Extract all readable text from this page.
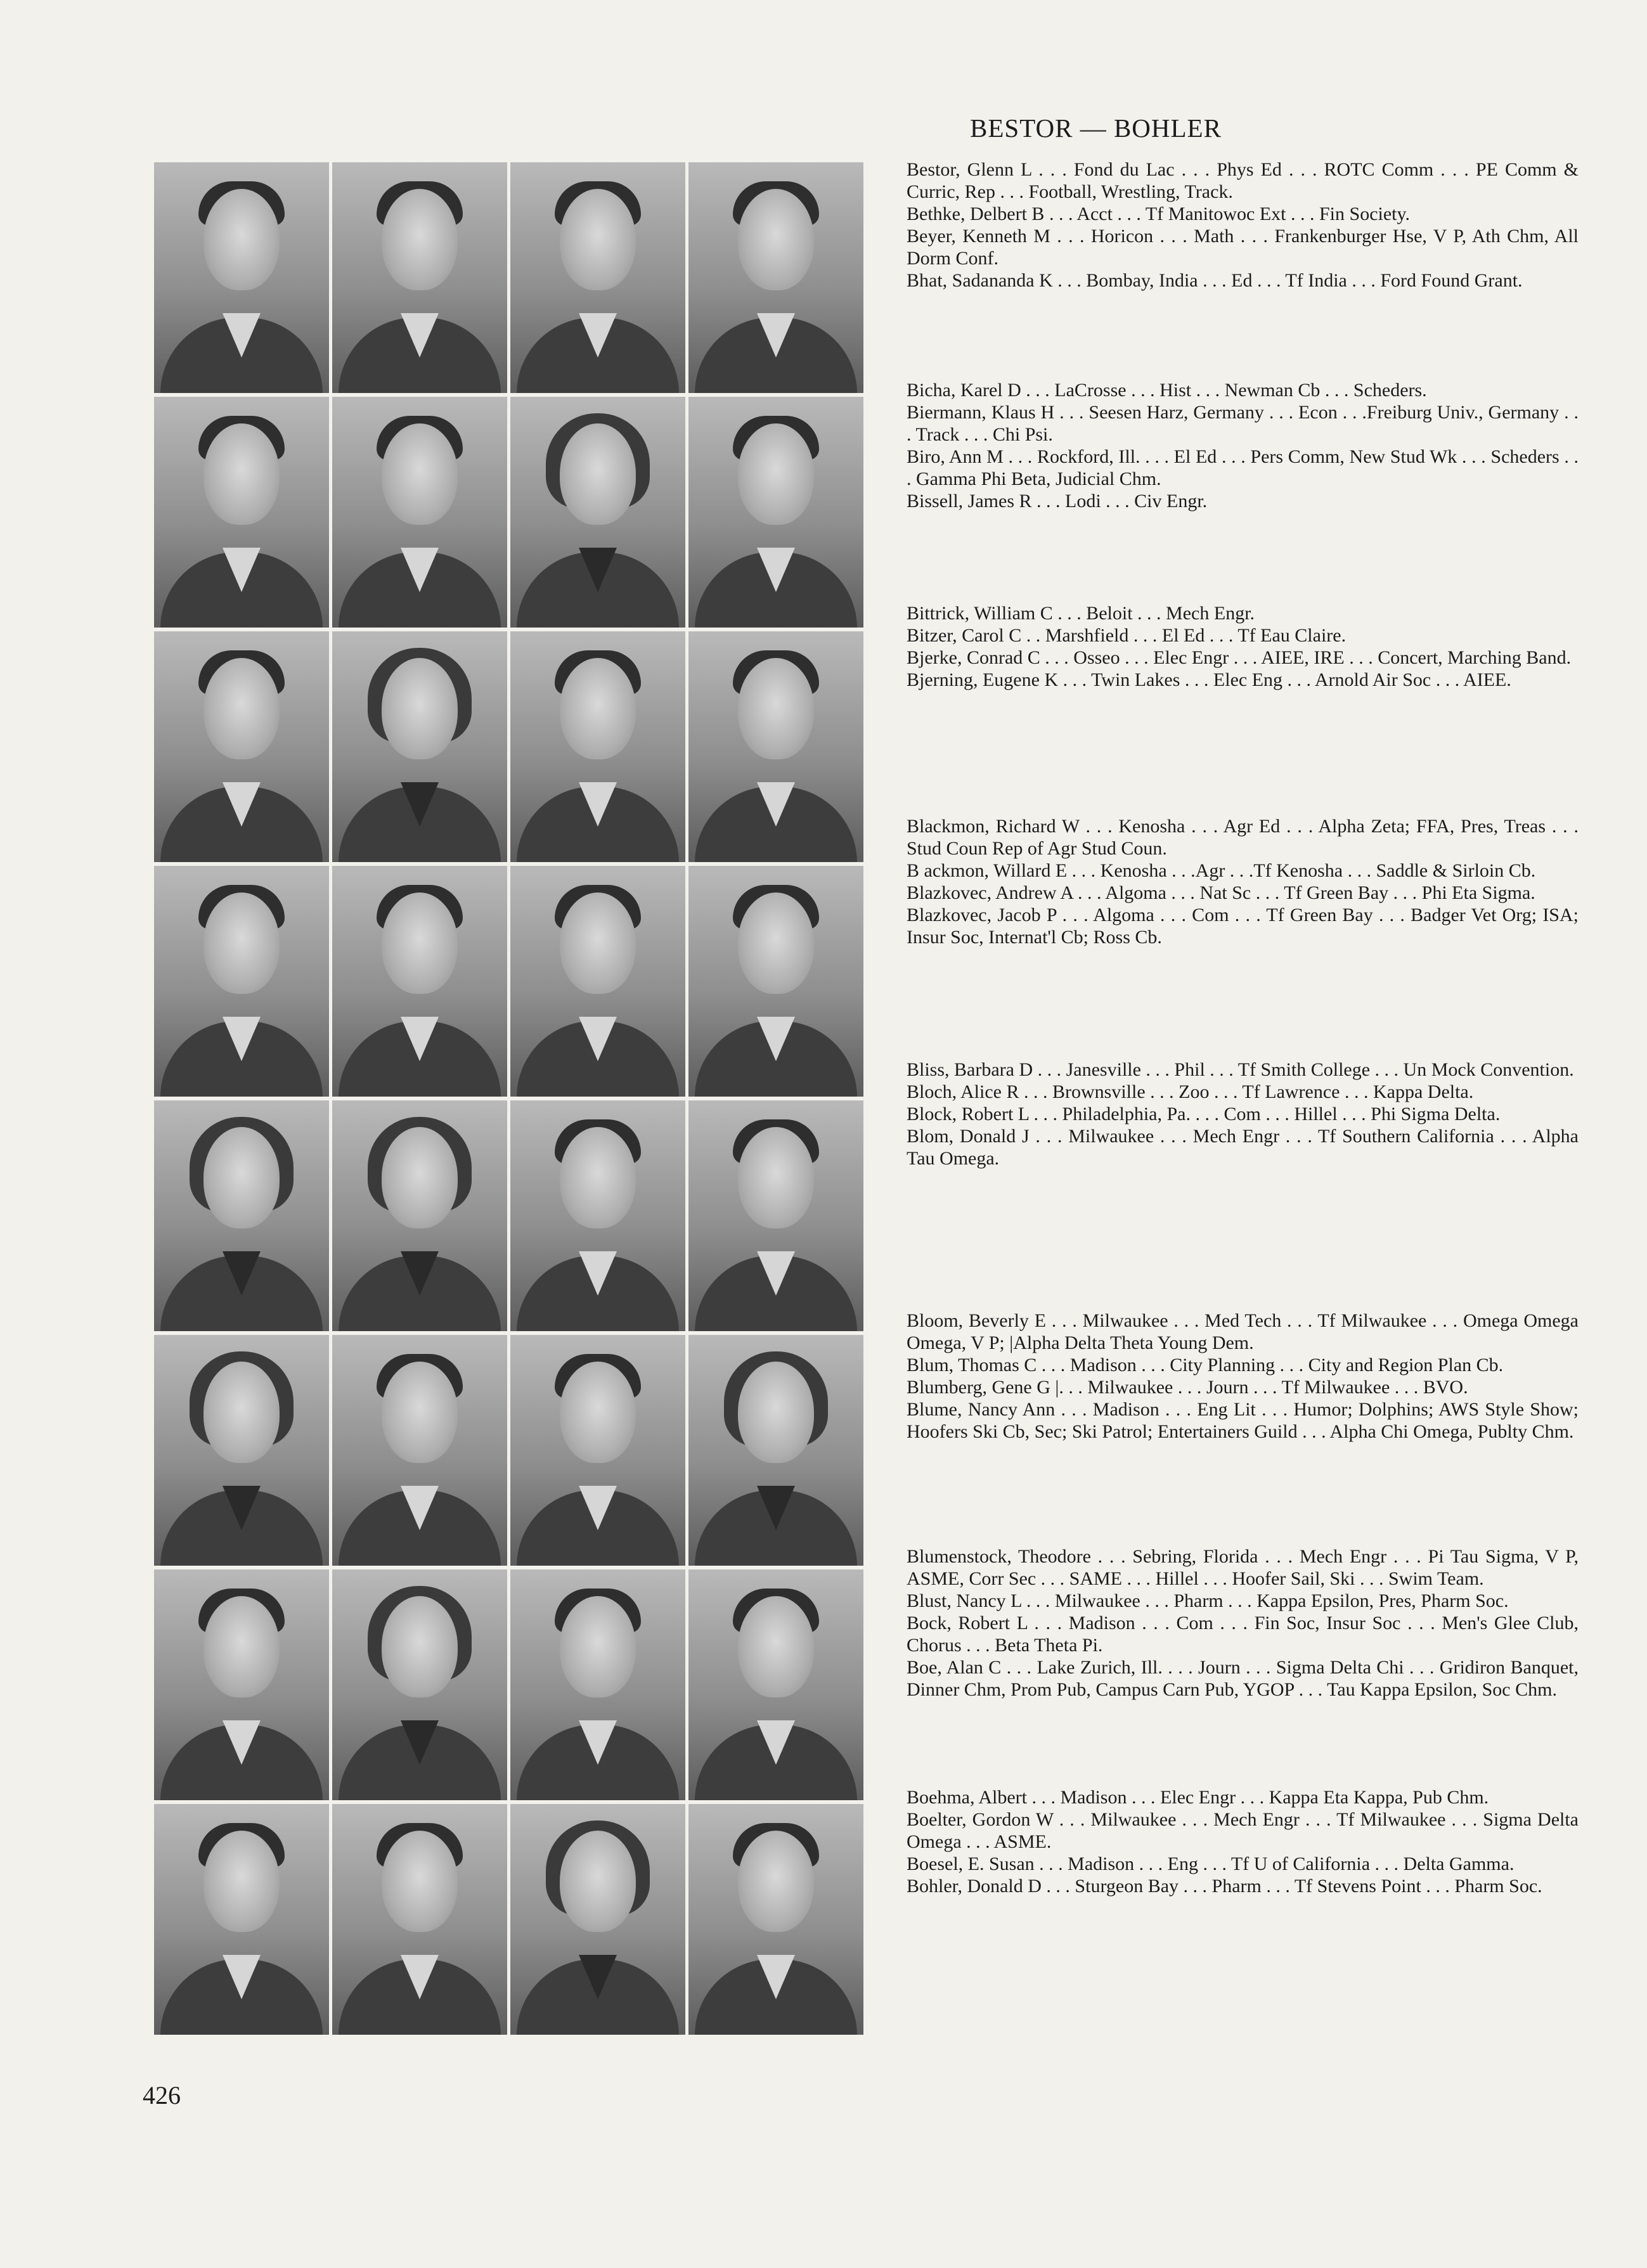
BESTOR — BOHLER
Bestor, Glenn L . . . Fond du Lac . . . Phys Ed . . . ROTC Comm . . . PE Comm & Curric, Rep . . . Football, Wrestling, Track.
Bethke, Delbert B . . . Acct . . . Tf Manitowoc Ext . . . Fin Society.
Beyer, Kenneth M . . . Horicon . . . Math . . . Frankenburger Hse, V P, Ath Chm, All Dorm Conf.
Bhat, Sadananda K . . . Bombay, India . . . Ed . . . Tf India . . . Ford Found Grant.
Bicha, Karel D . . . LaCrosse . . . Hist . . . Newman Cb . . . Scheders.
Biermann, Klaus H . . . Seesen Harz, Germany . . . Econ . . .Freiburg Univ., Germany . . . Track . . . Chi Psi.
Biro, Ann M . . . Rockford, Ill. . . . El Ed . . . Pers Comm, New Stud Wk . . . Scheders . . . Gamma Phi Beta, Judicial Chm.
Bissell, James R . . . Lodi . . . Civ Engr.
Bittrick, William C . . . Beloit . . . Mech Engr.
Bitzer, Carol C . . Marshfield . . . El Ed . . . Tf Eau Claire.
Bjerke, Conrad C . . . Osseo . . . Elec Engr . . . AIEE, IRE . . . Concert, Marching Band.
Bjerning, Eugene K . . . Twin Lakes . . . Elec Eng . . . Arnold Air Soc . . . AIEE.
Blackmon, Richard W . . . Kenosha . . . Agr Ed . . . Alpha Zeta; FFA, Pres, Treas . . . Stud Coun Rep of Agr Stud Coun.
B ackmon, Willard E . . . Kenosha . . .Agr . . .Tf Kenosha . . . Saddle & Sirloin Cb.
Blazkovec, Andrew A . . . Algoma . . . Nat Sc . . . Tf Green Bay . . . Phi Eta Sigma.
Blazkovec, Jacob P . . . Algoma . . . Com . . . Tf Green Bay . . . Badger Vet Org; ISA; Insur Soc, Internat'l Cb; Ross Cb.
Bliss, Barbara D . . . Janesville . . . Phil . . . Tf Smith College . . . Un Mock Convention.
Bloch, Alice R . . . Brownsville . . . Zoo . . . Tf Lawrence . . . Kappa Delta.
Block, Robert L . . . Philadelphia, Pa. . . . Com . . . Hillel . . . Phi Sigma Delta.
Blom, Donald J . . . Milwaukee . . . Mech Engr . . . Tf Southern California . . . Alpha Tau Omega.
Bloom, Beverly E . . . Milwaukee . . . Med Tech . . . Tf Milwaukee . . . Omega Omega Omega, V P; |Alpha Delta Theta Young Dem.
Blum, Thomas C . . . Madison . . . City Planning . . . City and Region Plan Cb.
Blumberg, Gene G |. . . Milwaukee . . . Journ . . . Tf Milwaukee . . . BVO.
Blume, Nancy Ann . . . Madison . . . Eng Lit . . . Humor; Dolphins; AWS Style Show; Hoofers Ski Cb, Sec; Ski Patrol; Entertainers Guild . . . Alpha Chi Omega, Publty Chm.
Blumenstock, Theodore . . . Sebring, Florida . . . Mech Engr . . . Pi Tau Sigma, V P, ASME, Corr Sec . . . SAME . . . Hillel . . . Hoofer Sail, Ski . . . Swim Team.
Blust, Nancy L . . . Milwaukee . . . Pharm . . . Kappa Epsilon, Pres, Pharm Soc.
Bock, Robert L . . . Madison . . . Com . . . Fin Soc, Insur Soc . . . Men's Glee Club, Chorus . . . Beta Theta Pi.
Boe, Alan C . . . Lake Zurich, Ill. . . . Journ . . . Sigma Delta Chi . . . Gridiron Banquet, Dinner Chm, Prom Pub, Campus Carn Pub, YGOP . . . Tau Kappa Epsilon, Soc Chm.
Boehma, Albert . . . Madison . . . Elec Engr . . . Kappa Eta Kappa, Pub Chm.
Boelter, Gordon W . . . Milwaukee . . . Mech Engr . . . Tf Milwaukee . . . Sigma Delta Omega . . . ASME.
Boesel, E. Susan . . . Madison . . . Eng . . . Tf U of California . . . Delta Gamma.
Bohler, Donald D . . . Sturgeon Bay . . . Pharm . . . Tf Stevens Point . . . Pharm Soc.
426
